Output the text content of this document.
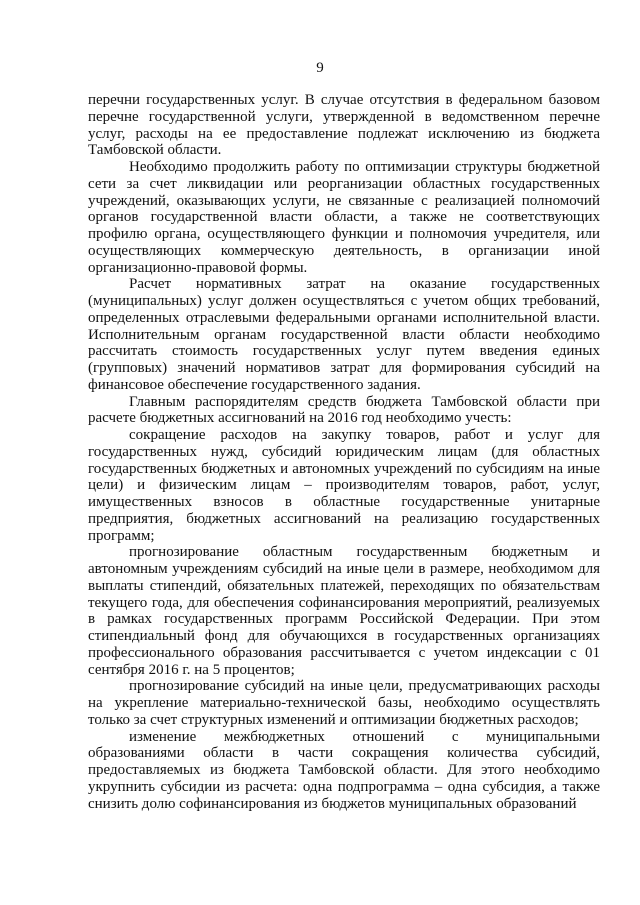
9

перечни государственных услуг. В случае отсутствия в федеральном базовом перечне государственной услуги, утвержденной в ведомственном перечне услуг, расходы на ее предоставление подлежат исключению из бюджета Тамбовской области.

Необходимо продолжить работу по оптимизации структуры бюджетной сети за счет ликвидации или реорганизации областных государственных учреждений, оказывающих услуги, не связанные с реализацией полномочий органов государственной власти области, а также не соответствующих профилю органа, осуществляющего функции и полномочия учредителя, или осуществляющих коммерческую деятельность, в организации иной организационно-правовой формы.

Расчет нормативных затрат на оказание государственных (муниципальных) услуг должен осуществляться с учетом общих требований, определенных отраслевыми федеральными органами исполнительной власти. Исполнительным органам государственной власти области необходимо рассчитать стоимость государственных услуг путем введения единых (групповых) значений нормативов затрат для формирования субсидий на финансовое обеспечение государственного задания.

Главным распорядителям средств бюджета Тамбовской области при расчете бюджетных ассигнований на 2016 год необходимо учесть:

сокращение расходов на закупку товаров, работ и услуг для государственных нужд, субсидий юридическим лицам (для областных государственных бюджетных и автономных учреждений по субсидиям на иные цели) и физическим лицам – производителям товаров, работ, услуг, имущественных взносов в областные государственные унитарные предприятия, бюджетных ассигнований на реализацию государственных программ;

прогнозирование областным государственным бюджетным и автономным учреждениям субсидий на иные цели в размере, необходимом для выплаты стипендий, обязательных платежей, переходящих по обязательствам текущего года, для обеспечения софинансирования мероприятий, реализуемых в рамках государственных программ Российской Федерации. При этом стипендиальный фонд для обучающихся в государственных организациях профессионального образования рассчитывается с учетом индексации с 01 сентября 2016 г. на 5 процентов;

прогнозирование субсидий на иные цели, предусматривающих расходы на укрепление материально-технической базы, необходимо осуществлять только за счет структурных изменений и оптимизации бюджетных расходов;

изменение межбюджетных отношений с муниципальными образованиями области в части сокращения количества субсидий, предоставляемых из бюджета Тамбовской области. Для этого необходимо укрупнить субсидии из расчета: одна подпрограмма – одна субсидия, а также снизить долю софинансирования из бюджетов муниципальных образований
